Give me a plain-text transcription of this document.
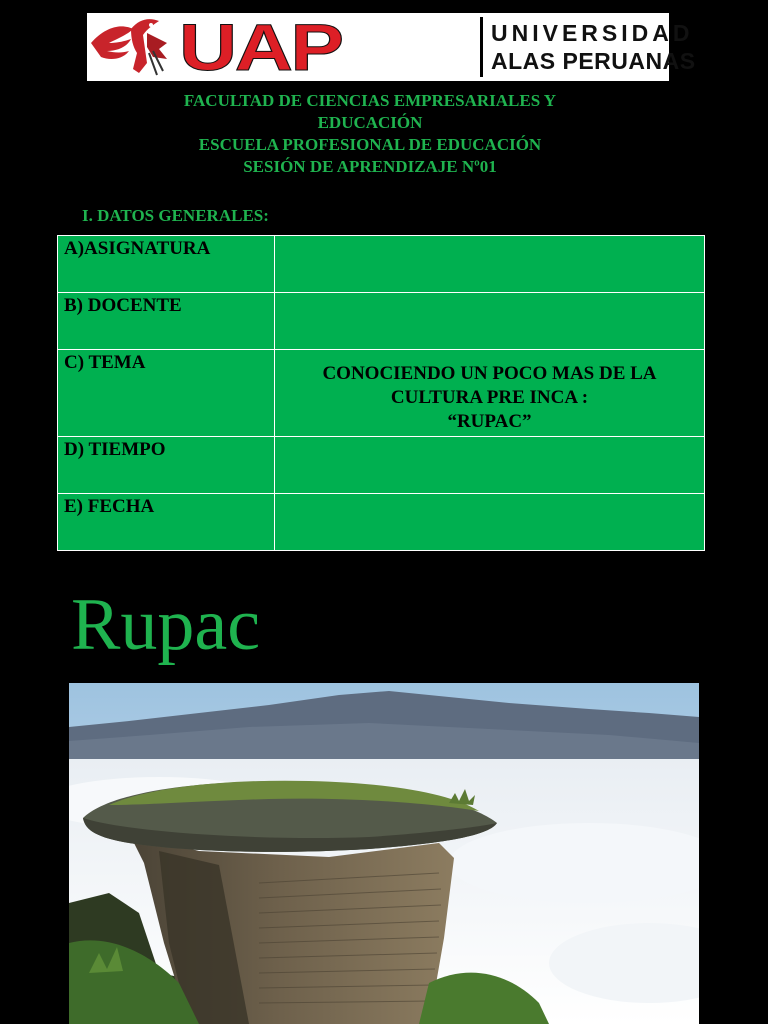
UAP	UNIVERSIDAD
ALAS PERUANAS
FACULTAD DE CIENCIAS EMPRESARIALES Y
EDUCACIÓN
ESCUELA PROFESIONAL DE EDUCACIÓN
SESIÓN DE APRENDIZAJE Nº01
I. DATOS GENERALES:
A)ASIGNATURA	
B) DOCENTE	
C) TEMA	CONOCIENDO UN POCO MAS DE LA
CULTURA PRE INCA :
“RUPAC”

D) TIEMPO	
E) FECHA	
Rupac
